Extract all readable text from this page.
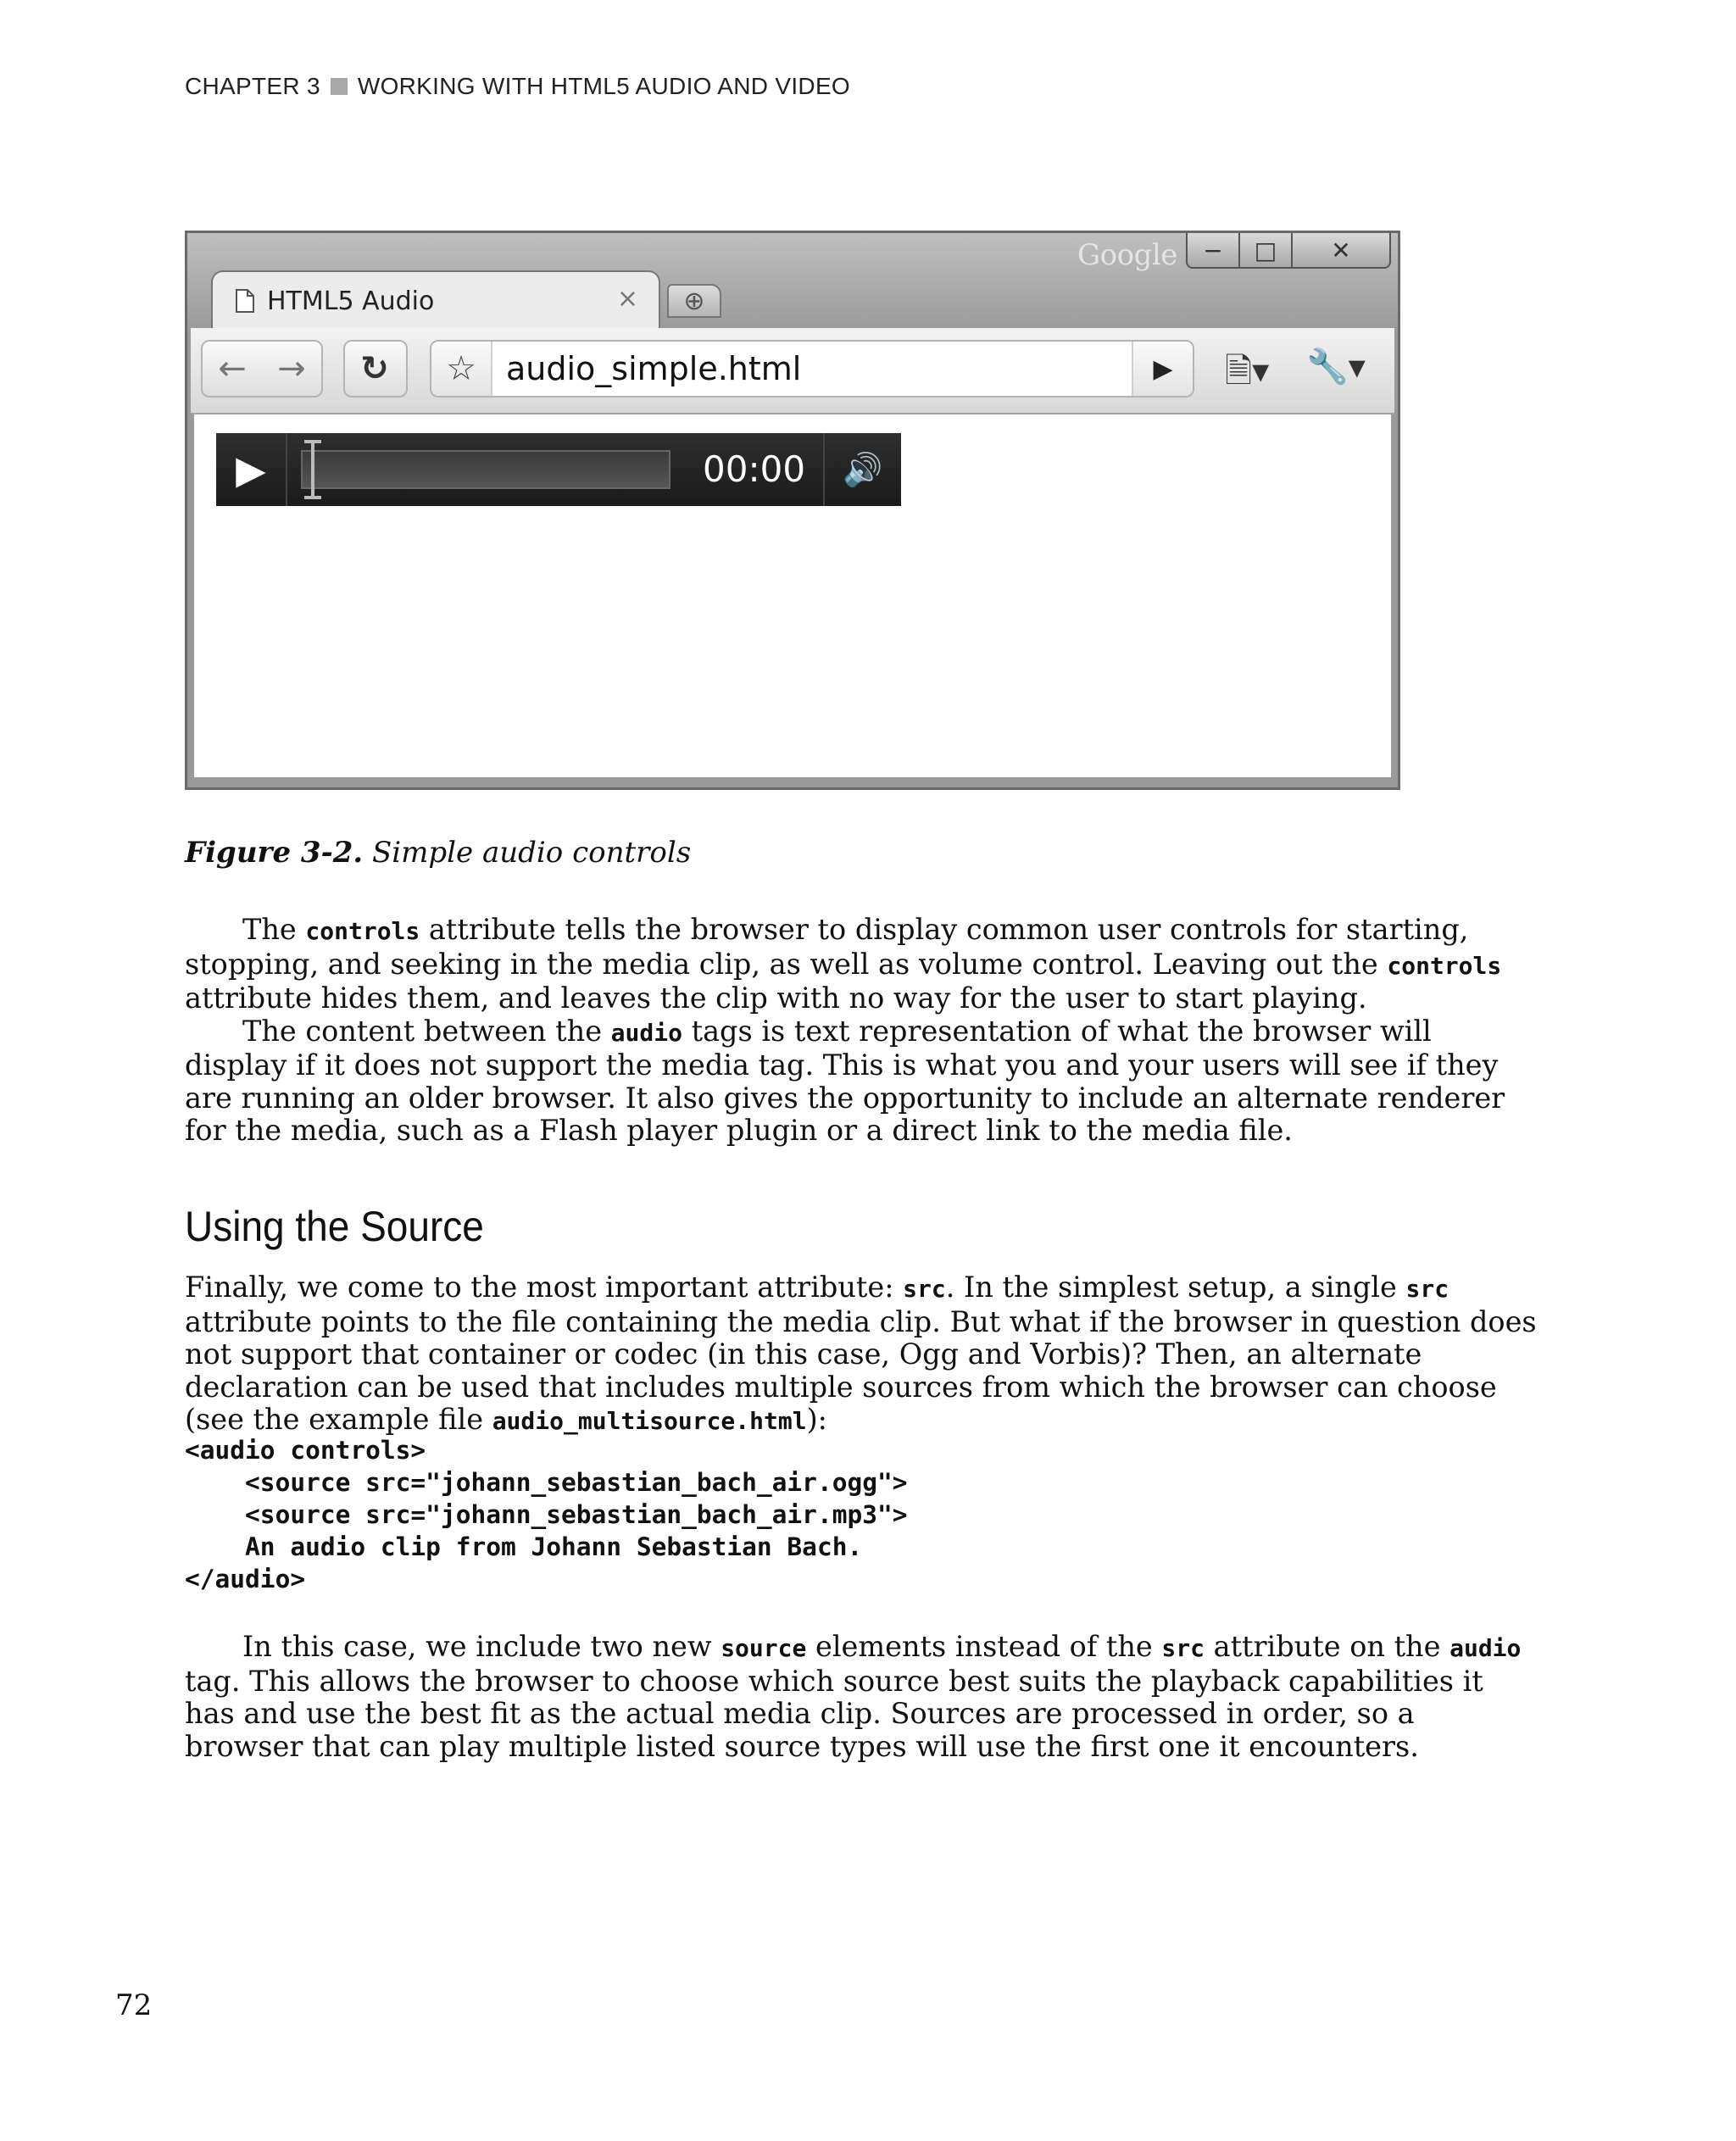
CHAPTER 3 WORKING WITH HTML5 AUDIO AND VIDEO
Google	−	□	✕
HTML5 Audio	×	⊕
← →	↻	☆ audio_simple.html	▶	🗎▾ 🔧▾
▶	00:00	🔊
Figure 3-2. Simple audio controls

The controls attribute tells the browser to display common user controls for starting, stopping, and seeking in the media clip, as well as volume control. Leaving out the controls attribute hides them, and leaves the clip with no way for the user to start playing.

The content between the audio tags is text representation of what the browser will display if it does not support the media tag. This is what you and your users will see if they are running an older browser. It also gives the opportunity to include an alternate renderer for the media, such as a Flash player plugin or a direct link to the media file.

Using the Source

Finally, we come to the most important attribute: src. In the simplest setup, a single src attribute points to the file containing the media clip. But what if the browser in question does not support that container or codec (in this case, Ogg and Vorbis)? Then, an alternate declaration can be used that includes multiple sources from which the browser can choose (see the example file audio_multisource.html):

<audio controls>
<source src="johann_sebastian_bach_air.ogg">
<source src="johann_sebastian_bach_air.mp3">
An audio clip from Johann Sebastian Bach.
</audio>

In this case, we include two new source elements instead of the src attribute on the audio tag. This allows the browser to choose which source best suits the playback capabilities it has and use the best fit as the actual media clip. Sources are processed in order, so a browser that can play multiple listed source types will use the first one it encounters.

72
